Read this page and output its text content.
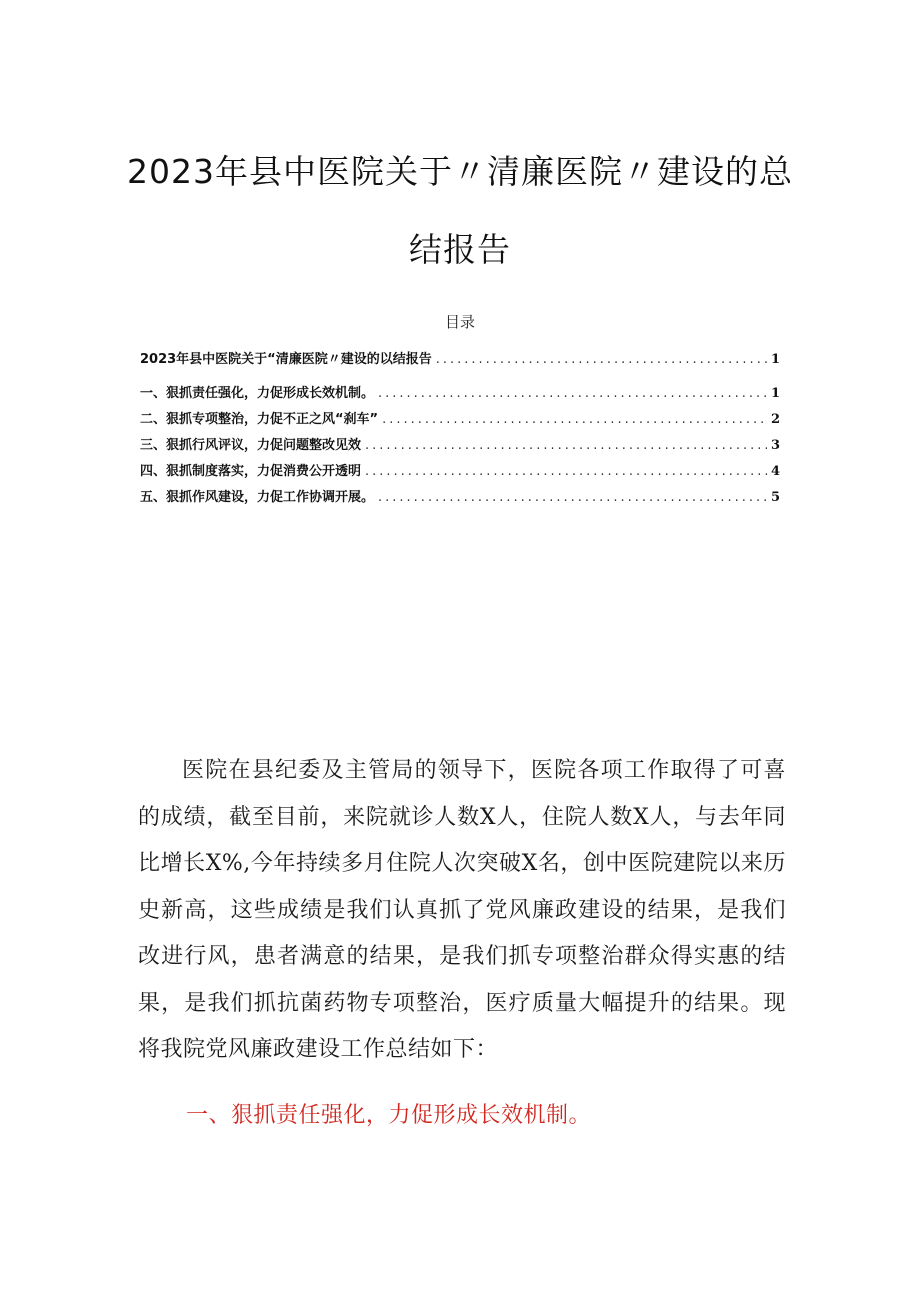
2023年县中医院关于〃清廉医院〃建设的总
结报告
目录
2023年县中医院关于“清廉医院〃建设的以结报告 .....	1
一、狠抓责任强化，力促形成长效机制。 .....	1
二、狠抓专项整治，力促不正之风“刹车” .....	2
三、狠抓行风评议，力促问题整改见效 .....	3
四、狠抓制度落实，力促消费公开透明 .....	4
五、狠抓作风建设，力促工作协调开展。 .....	5

医院在县纪委及主管局的领导下，医院各项工作取得了可喜的成绩，截至目前，来院就诊人数X人，住院人数X人，与去年同比增长X%,今年持续多月住院人次突破X名，创中医院建院以来历史新高，这些成绩是我们认真抓了党风廉政建设的结果，是我们改进行风，患者满意的结果，是我们抓专项整治群众得实惠的结果，是我们抓抗菌药物专项整治，医疗质量大幅提升的结果。现将我院党风廉政建设工作总结如下：

一、狠抓责任强化，力促形成长效机制。
